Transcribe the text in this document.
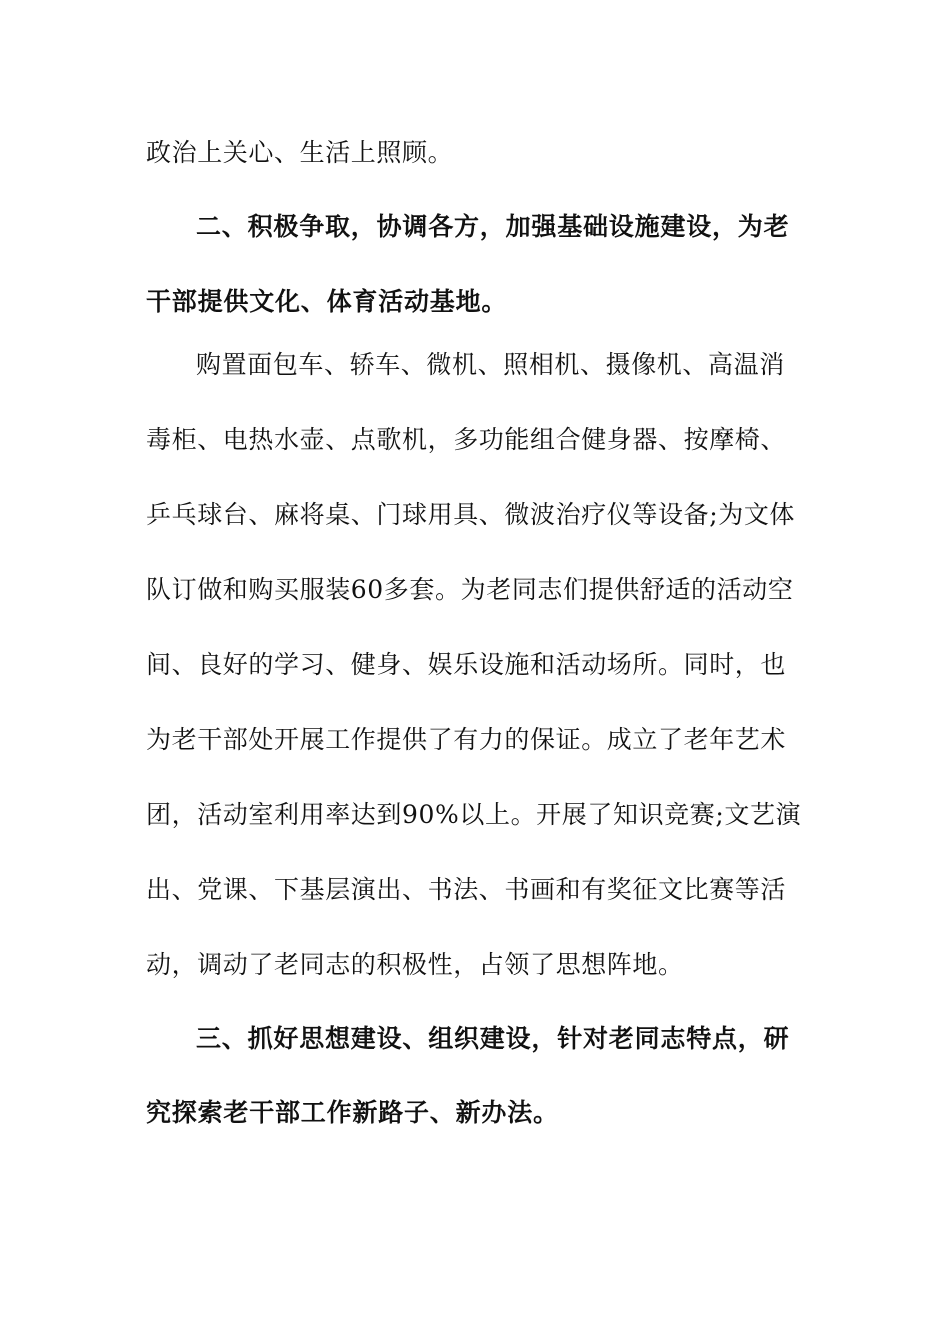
政治上关心、生活上照顾。
二、积极争取，协调各方，加强基础设施建设，为老
干部提供文化、体育活动基地。
购置面包车、轿车、微机、照相机、摄像机、高温消
毒柜、电热水壶、点歌机，多功能组合健身器、按摩椅、
乒乓球台、麻将桌、门球用具、微波治疗仪等设备;为文体
队订做和购买服装60多套。为老同志们提供舒适的活动空
间、良好的学习、健身、娱乐设施和活动场所。同时，也
为老干部处开展工作提供了有力的保证。成立了老年艺术
团，活动室利用率达到90%以上。开展了知识竞赛;文艺演
出、党课、下基层演出、书法、书画和有奖征文比赛等活
动，调动了老同志的积极性，占领了思想阵地。
三、抓好思想建设、组织建设，针对老同志特点，研
究探索老干部工作新路子、新办法。
